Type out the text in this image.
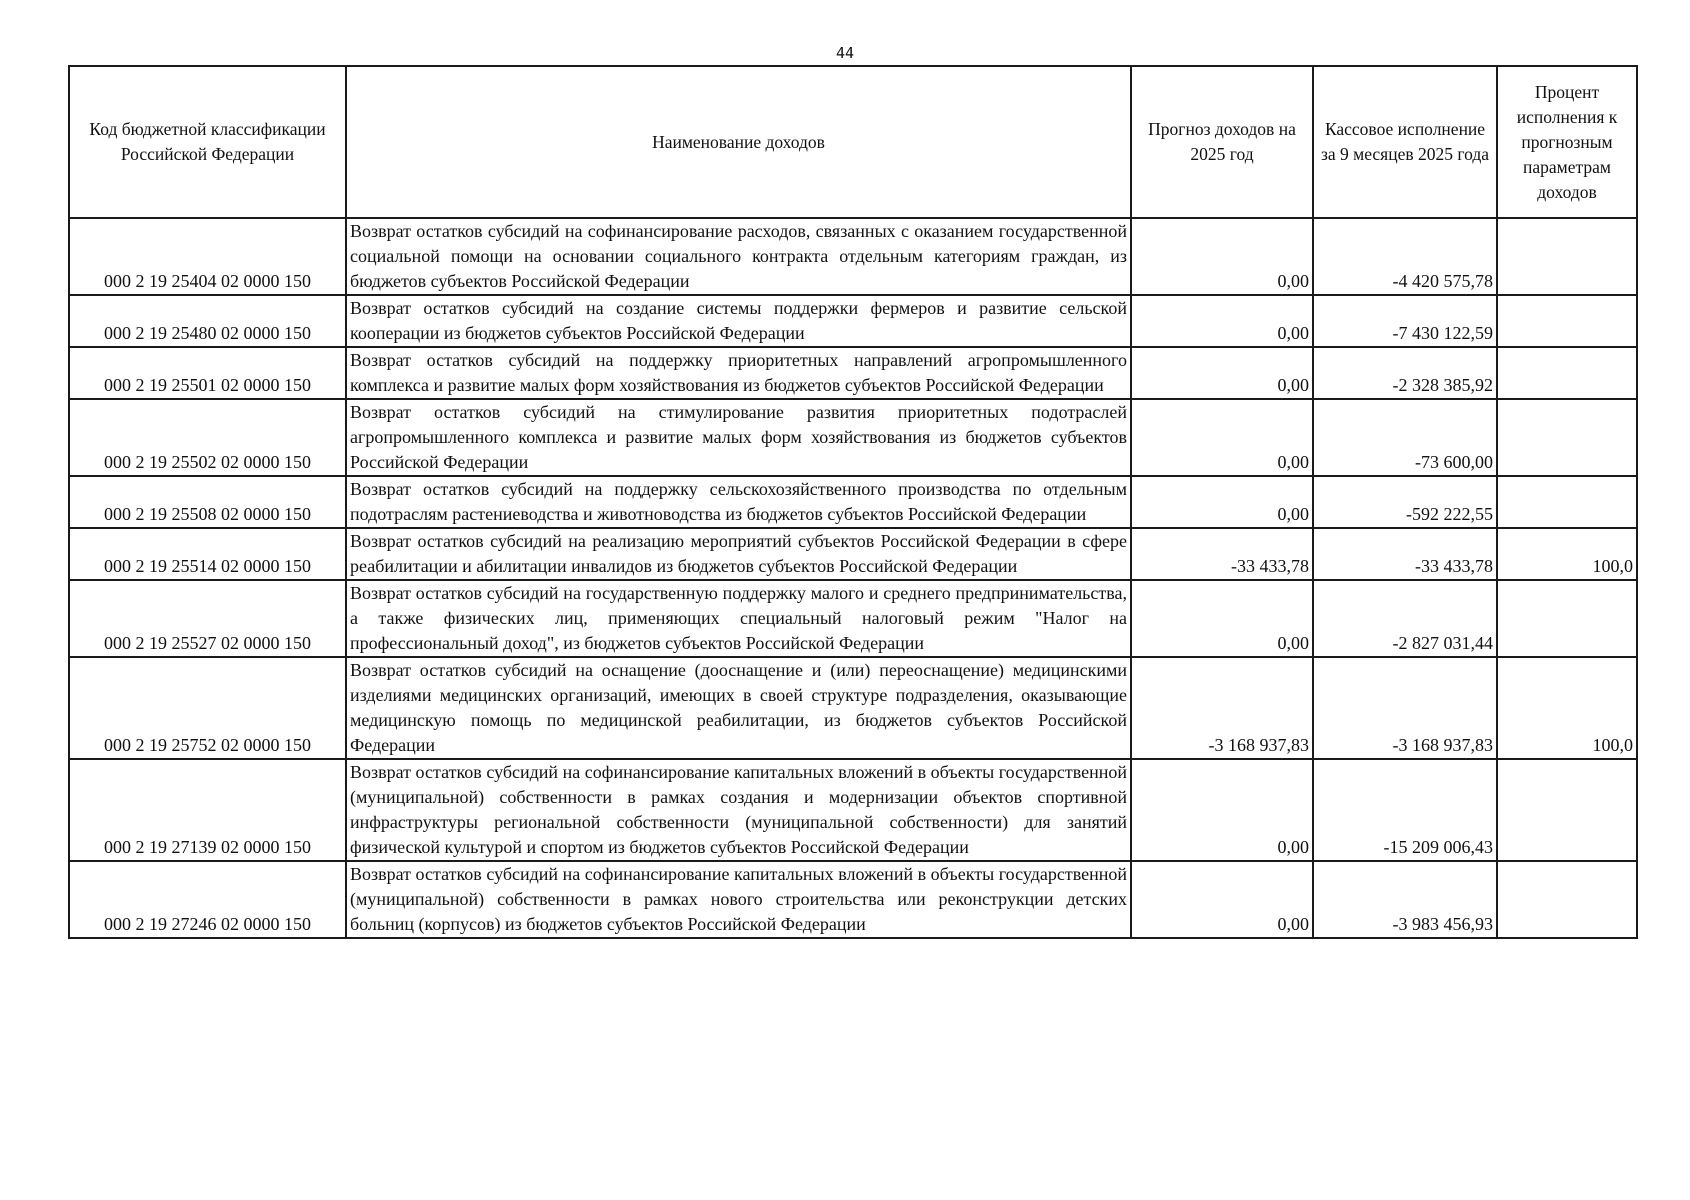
44
Код бюджетной классификации Российской Федерации	Наименование доходов	Прогноз доходов на 2025 год	Кассовое исполнение за 9 месяцев 2025 года	Процент исполнения к прогнозным параметрам доходов
000 2 19 25404 02 0000 150	Возврат остатков субсидий на софинансирование расходов, связанных с оказанием государственной социальной помощи на основании социального контракта отдельным категориям граждан, из бюджетов субъектов Российской Федерации	0,00	-4 420 575,78	
000 2 19 25480 02 0000 150	Возврат остатков субсидий на создание системы поддержки фермеров и развитие сельской кооперации из бюджетов субъектов Российской Федерации	0,00	-7 430 122,59	
000 2 19 25501 02 0000 150	Возврат остатков субсидий на поддержку приоритетных направлений агропромышленного комплекса и развитие малых форм хозяйствования из бюджетов субъектов Российской Федерации	0,00	-2 328 385,92	
000 2 19 25502 02 0000 150	Возврат остатков субсидий на стимулирование развития приоритетных подотраслей агропромышленного комплекса и развитие малых форм хозяйствования из бюджетов субъектов Российской Федерации	0,00	-73 600,00	
000 2 19 25508 02 0000 150	Возврат остатков субсидий на поддержку сельскохозяйственного производства по отдельным подотраслям растениеводства и животноводства из бюджетов субъектов Российской Федерации	0,00	-592 222,55	
000 2 19 25514 02 0000 150	Возврат остатков субсидий на реализацию мероприятий субъектов Российской Федерации в сфере реабилитации и абилитации инвалидов из бюджетов субъектов Российской Федерации	-33 433,78	-33 433,78	100,0
000 2 19 25527 02 0000 150	Возврат остатков субсидий на государственную поддержку малого и среднего предпринимательства, а также физических лиц, применяющих специальный налоговый режим "Налог на профессиональный доход", из бюджетов субъектов Российской Федерации	0,00	-2 827 031,44	
000 2 19 25752 02 0000 150	Возврат остатков субсидий на оснащение (дооснащение и (или) переоснащение) медицинскими изделиями медицинских организаций, имеющих в своей структуре подразделения, оказывающие медицинскую помощь по медицинской реабилитации, из бюджетов субъектов Российской Федерации	-3 168 937,83	-3 168 937,83	100,0
000 2 19 27139 02 0000 150	Возврат остатков субсидий на софинансирование капитальных вложений в объекты государственной (муниципальной) собственности в рамках создания и модернизации объектов спортивной инфраструктуры региональной собственности (муниципальной собственности) для занятий физической культурой и спортом из бюджетов субъектов Российской Федерации	0,00	-15 209 006,43	
000 2 19 27246 02 0000 150	Возврат остатков субсидий на софинансирование капитальных вложений в объекты государственной (муниципальной) собственности в рамках нового строительства или реконструкции детских больниц (корпусов) из бюджетов субъектов Российской Федерации	0,00	-3 983 456,93	
